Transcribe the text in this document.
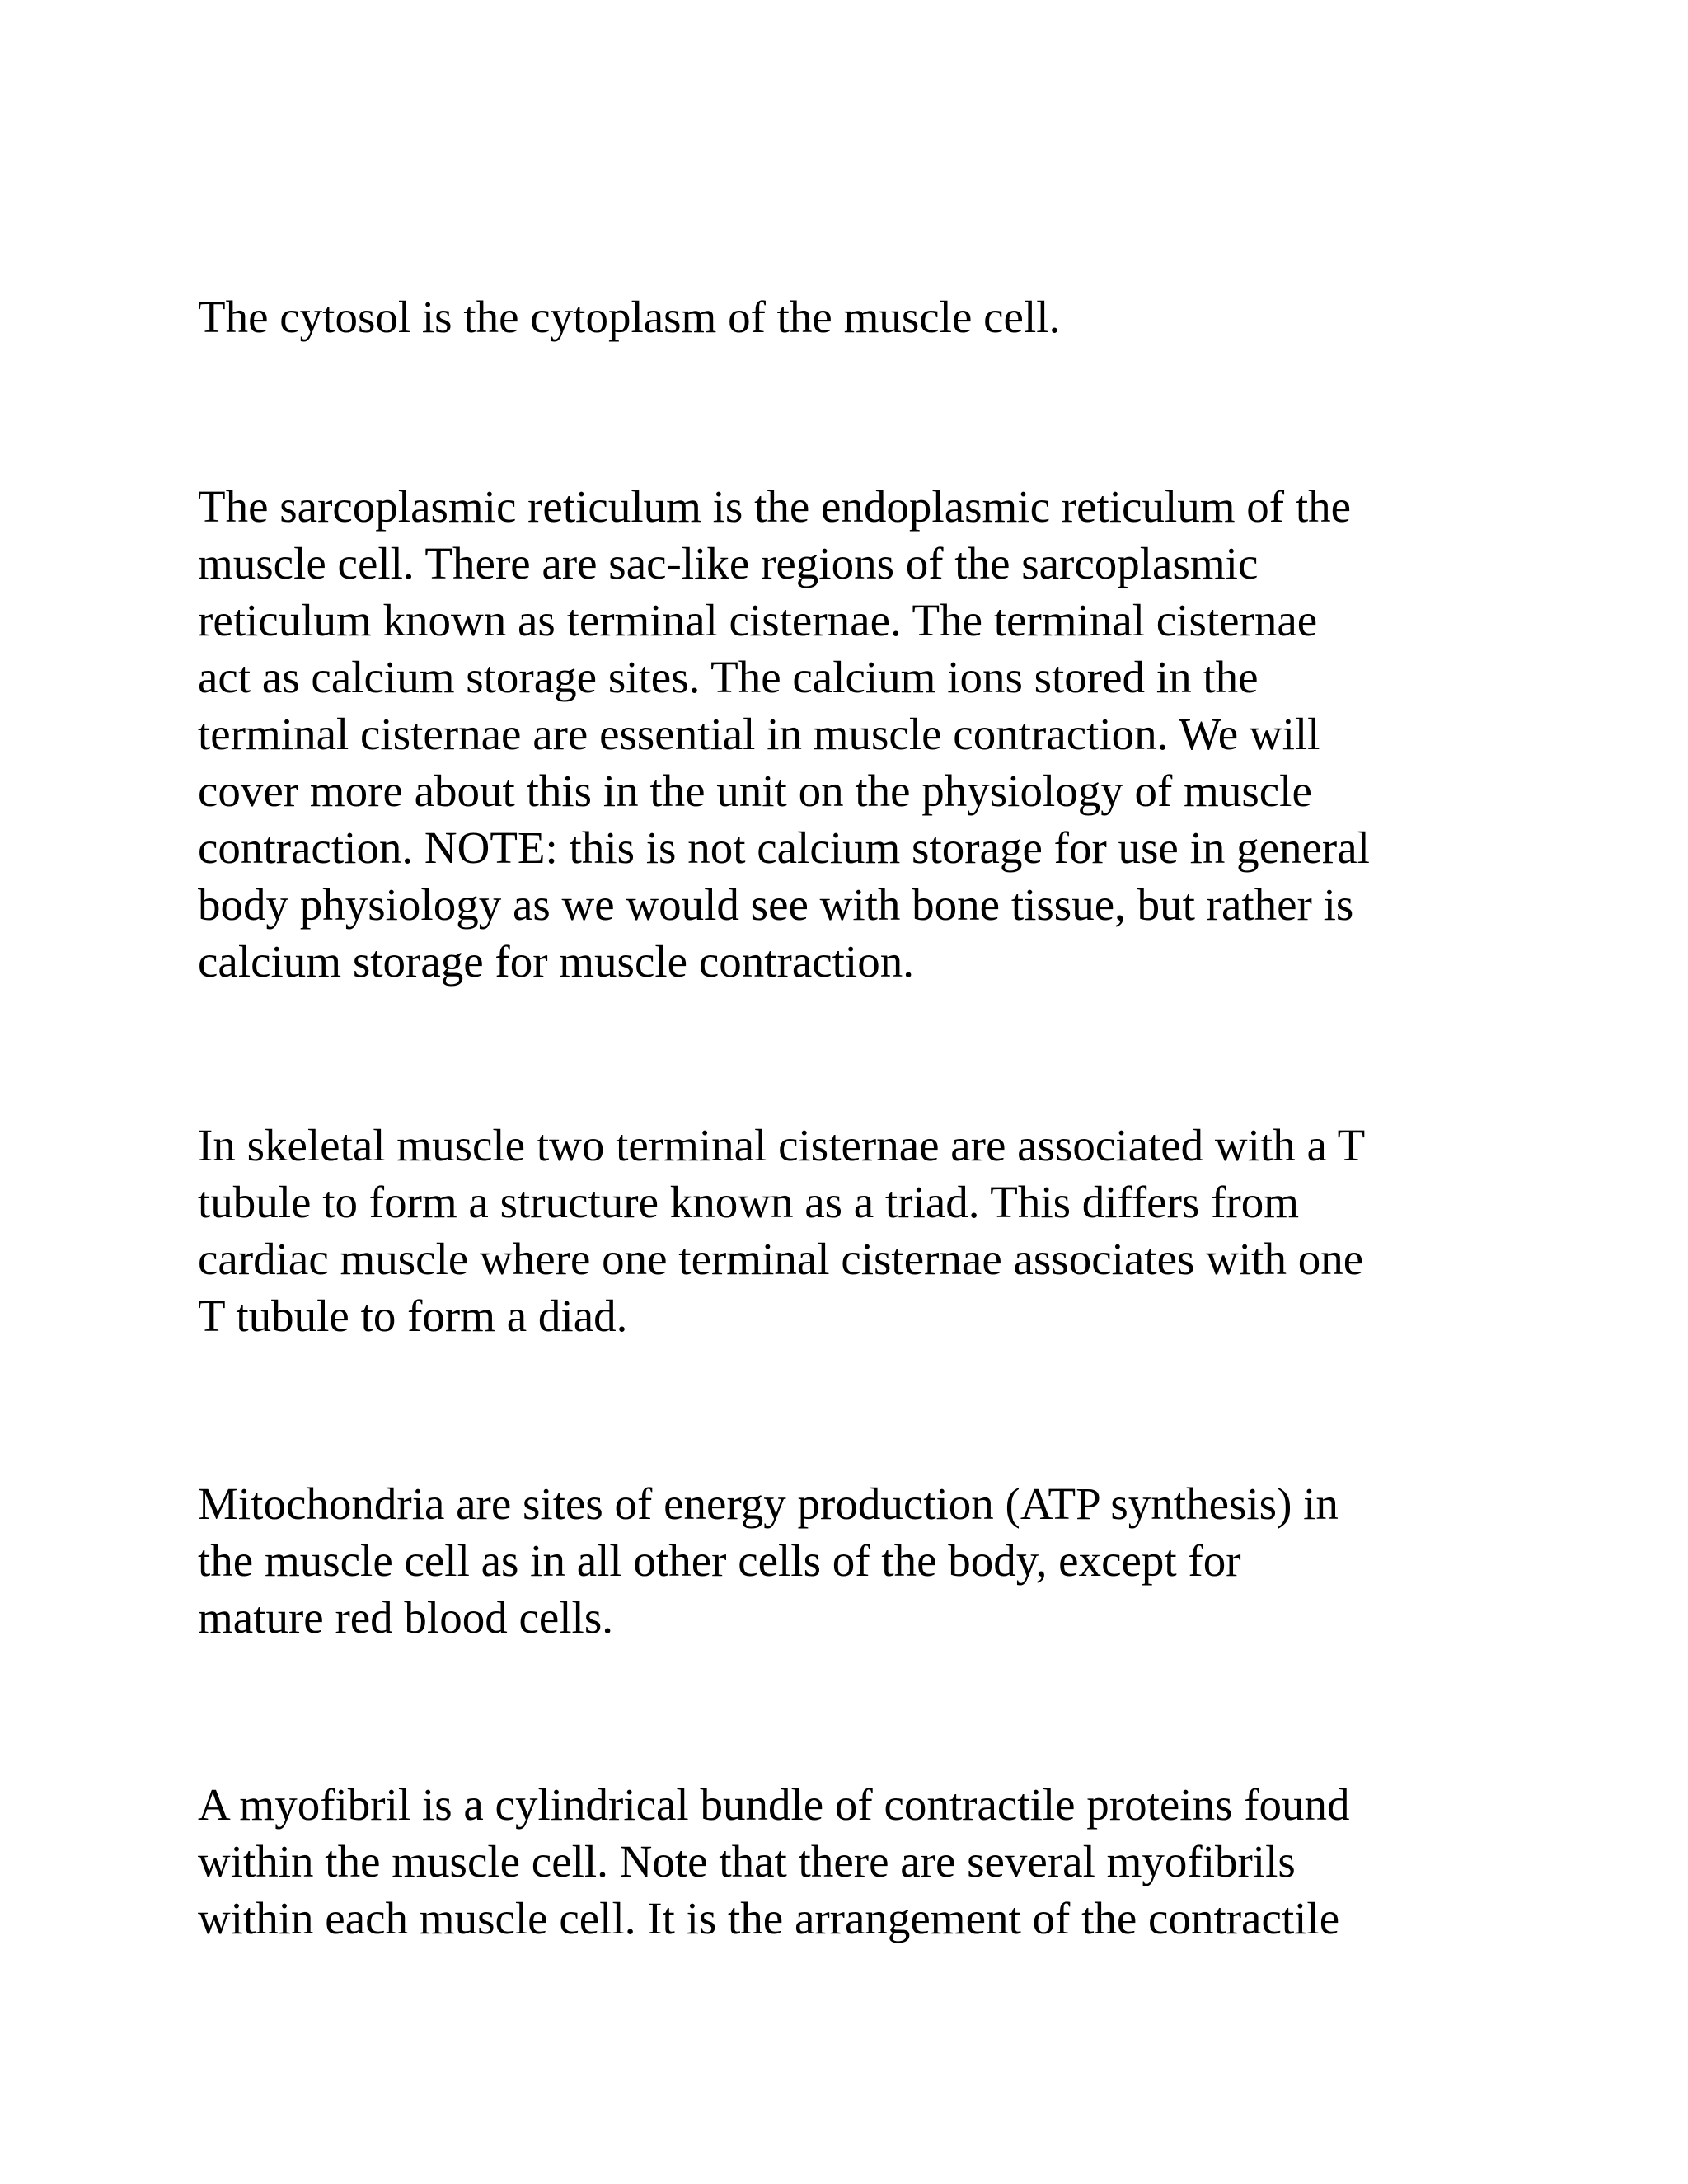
The cytosol is the cytoplasm of the muscle cell.

The sarcoplasmic reticulum is the endoplasmic reticulum of the
muscle cell. There are sac-like regions of the sarcoplasmic
reticulum known as terminal cisternae. The terminal cisternae
act as calcium storage sites. The calcium ions stored in the
terminal cisternae are essential in muscle contraction. We will
cover more about this in the unit on the physiology of muscle
contraction. NOTE: this is not calcium storage for use in general
body physiology as we would see with bone tissue, but rather is
calcium storage for muscle contraction.

In skeletal muscle two terminal cisternae are associated with a T
tubule to form a structure known as a triad. This differs from
cardiac muscle where one terminal cisternae associates with one
T tubule to form a diad.

Mitochondria are sites of energy production (ATP synthesis) in
the muscle cell as in all other cells of the body, except for
mature red blood cells.

A myofibril is a cylindrical bundle of contractile proteins found
within the muscle cell. Note that there are several myofibrils
within each muscle cell. It is the arrangement of the contractile
